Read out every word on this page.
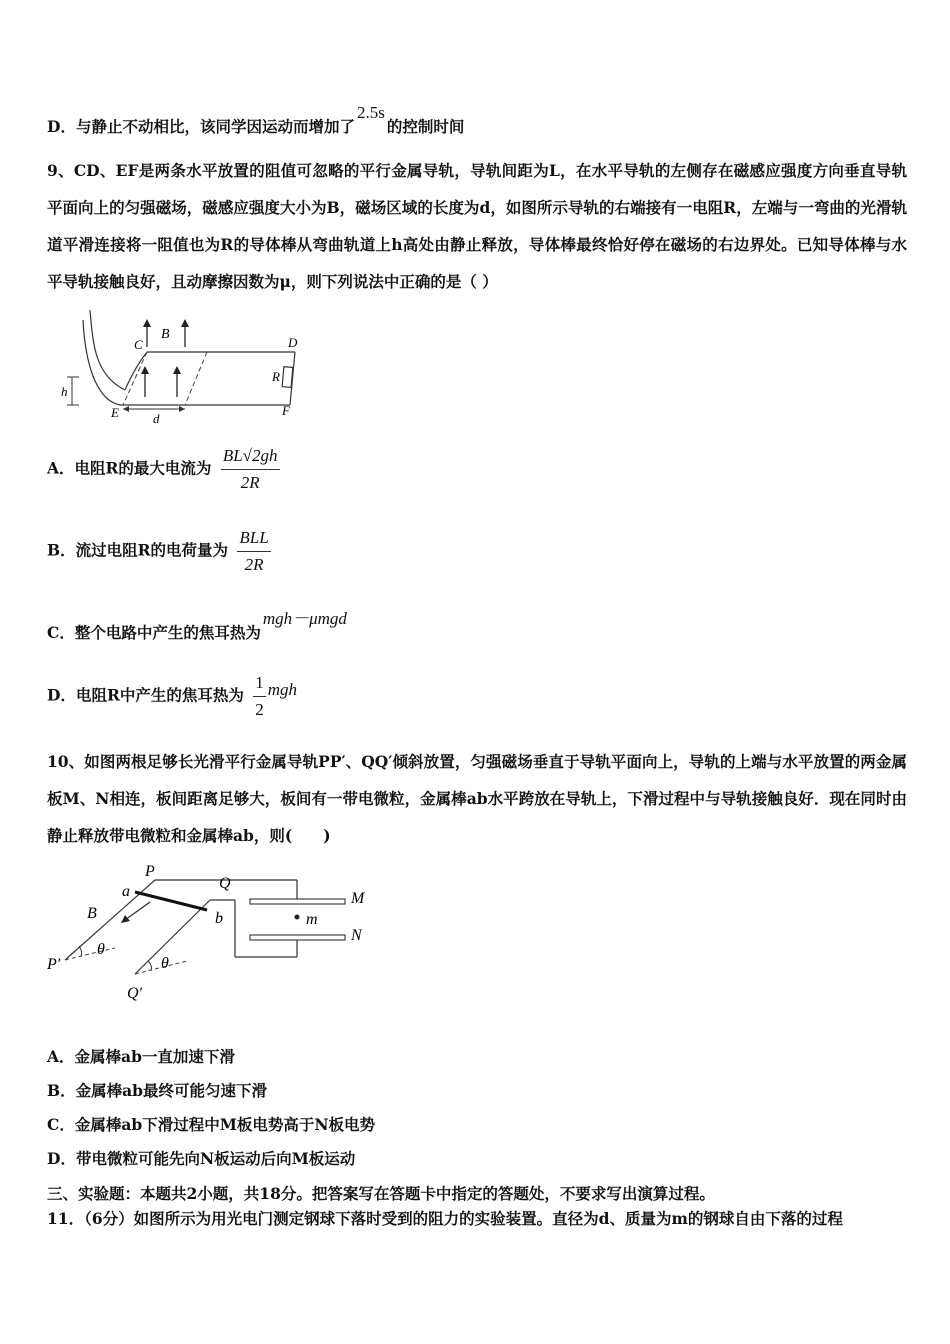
D．与静止不动相比，该同学因运动而增加了2.5s的控制时间
9、CD、EF是两条水平放置的阻值可忽略的平行金属导轨，导轨间距为L，在水平导轨的左侧存在磁感应强度方向垂直导轨平面向上的匀强磁场，磁感应强度大小为B，磁场区域的长度为d，如图所示导轨的右端接有一电阻R，左端与一弯曲的光滑轨道平滑连接将一阻值也为R的导体棒从弯曲轨道上h高处由静止释放，导体棒最终恰好停在磁场的右边界处。已知导体棒与水平导轨接触良好，且动摩擦因数为μ，则下列说法中正确的是（ ）
B
C	D
R
h
E	d
F
A．电阻R的最大电流为 $\frac{BL√2gh}{2R}$
B．流过电阻R的电荷量为 $\frac{\text{BLL}}{2R}$
C．整个电路中产生的焦耳热为mgh－μmgd
D．电阻R中产生的焦耳热为 $\frac{1}{2}$ mgh
10、如图两根足够长光滑平行金属导轨PP′、QQ′倾斜放置，匀强磁场垂直于导轨平面向上，导轨的上端与水平放置的两金属板M、N相连，板间距离足够大，板间有一带电微粒，金属棒ab水平跨放在导轨上，下滑过程中与导轨接触良好．现在同时由静止释放带电微粒和金属棒ab，则(　　)
P
Q
a
b
B
θ
θ
P′
Q′
M
N
m
A．金属棒ab一直加速下滑
B．金属棒ab最终可能匀速下滑
C．金属棒ab下滑过程中M板电势高于N板电势
D．带电微粒可能先向N板运动后向M板运动
三、实验题：本题共2小题，共18分。把答案写在答题卡中指定的答题处，不要求写出演算过程。
11．（6分）如图所示为用光电门测定钢球下落时受到的阻力的实验装置。直径为d、质量为m的钢球自由下落的过程
